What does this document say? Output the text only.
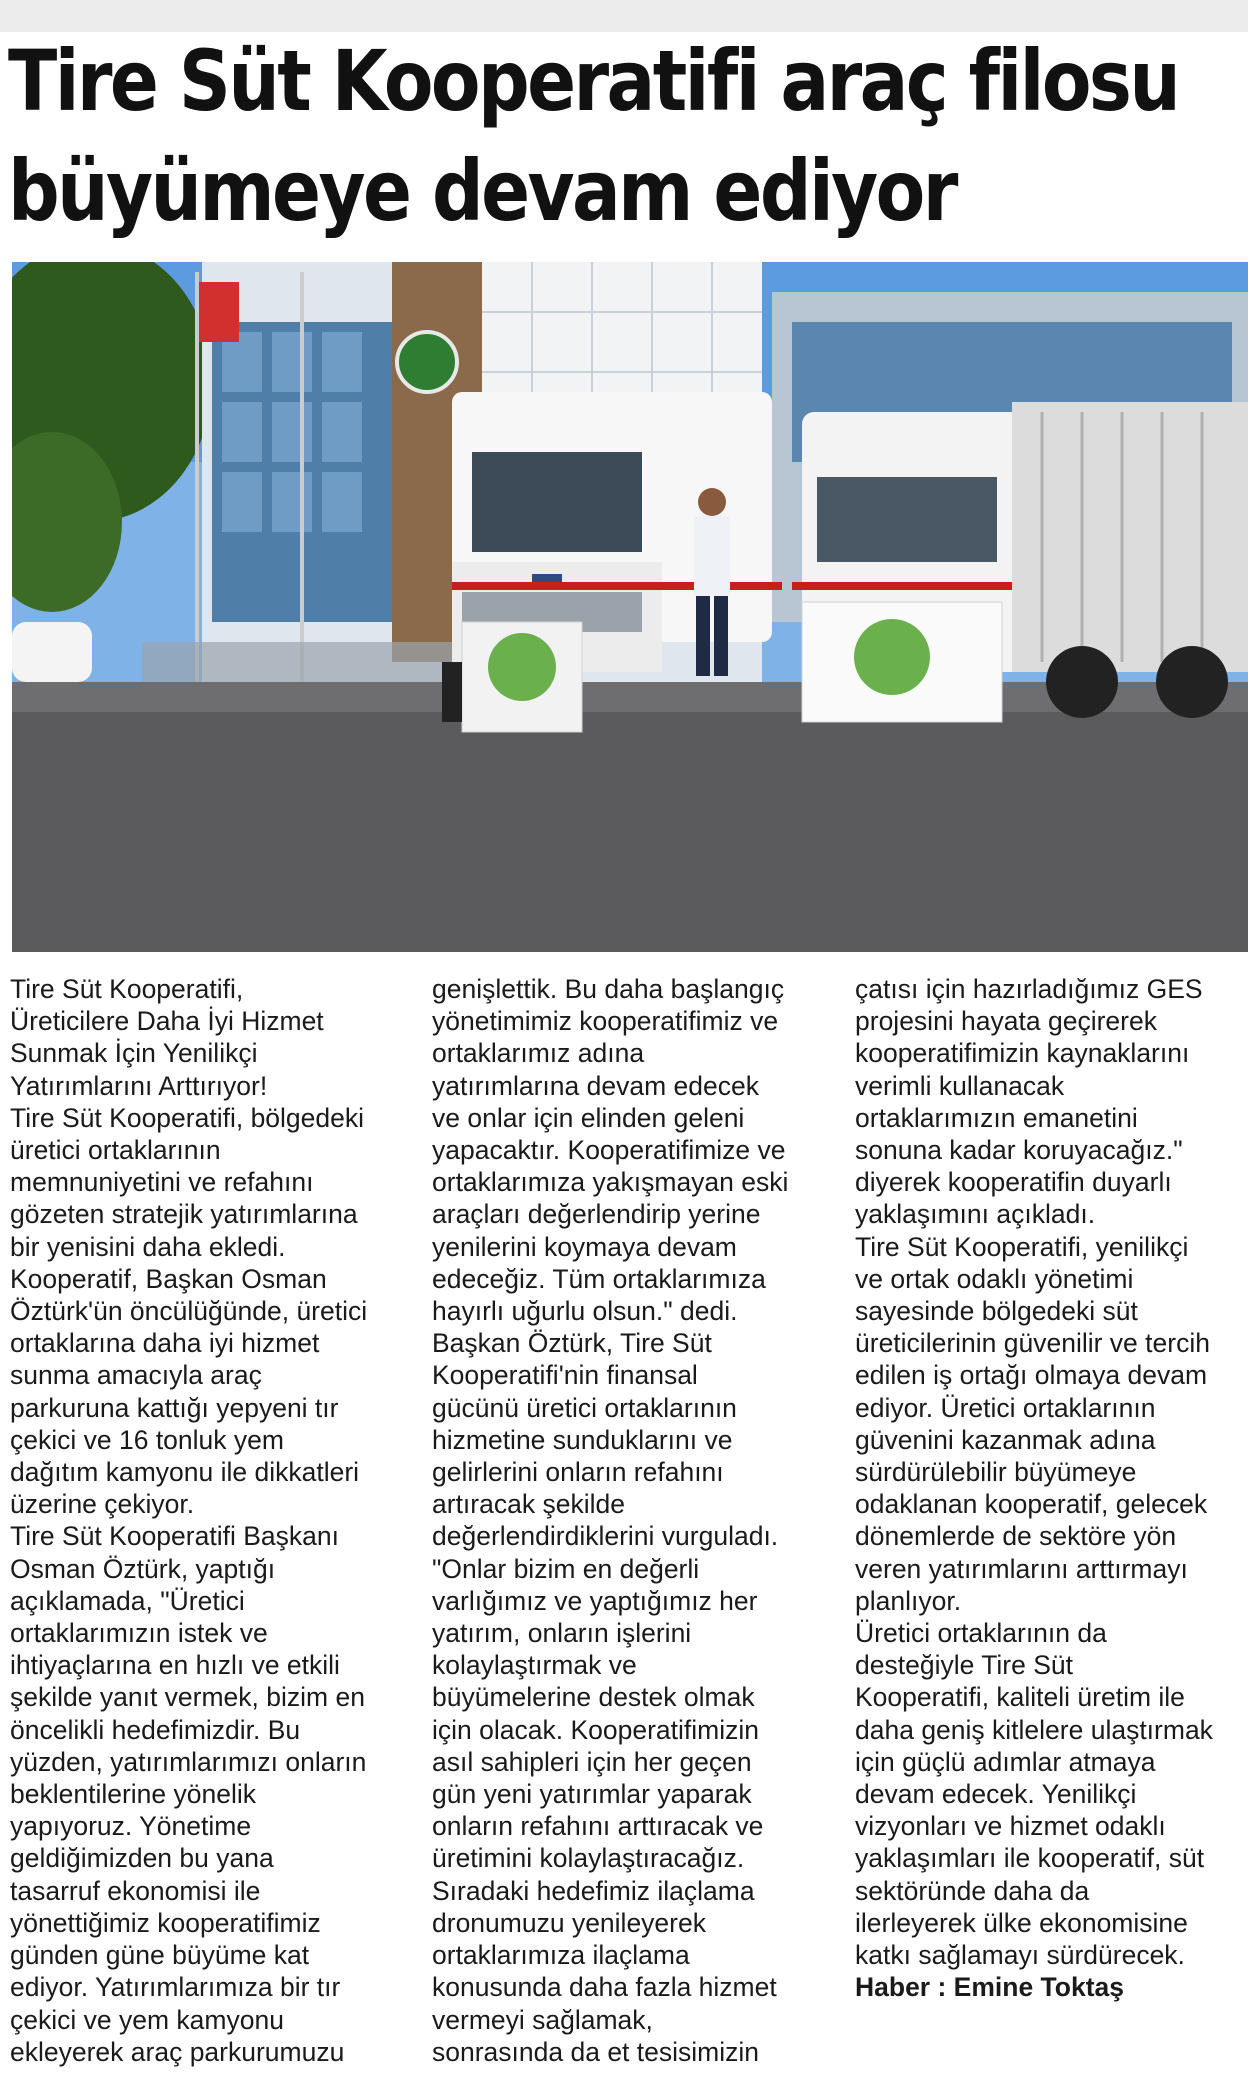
Tire Süt Kooperatifi araç filosu
büyümeye devam ediyor

Tire Süt Kooperatifi,

Üreticilere Daha İyi Hizmet

Sunmak İçin Yenilikçi

Yatırımlarını Arttırıyor!

Tire Süt Kooperatifi, bölgedeki

üretici ortaklarının

memnuniyetini ve refahını

gözeten stratejik yatırımlarına

bir yenisini daha ekledi.

Kooperatif, Başkan Osman

Öztürk'ün öncülüğünde, üretici

ortaklarına daha iyi hizmet

sunma amacıyla araç

parkuruna kattığı yepyeni tır

çekici ve 16 tonluk yem

dağıtım kamyonu ile dikkatleri

üzerine çekiyor.

Tire Süt Kooperatifi Başkanı

Osman Öztürk, yaptığı

açıklamada, "Üretici

ortaklarımızın istek ve

ihtiyaçlarına en hızlı ve etkili

şekilde yanıt vermek, bizim en

öncelikli hedefimizdir. Bu

yüzden, yatırımlarımızı onların

beklentilerine yönelik

yapıyoruz. Yönetime

geldiğimizden bu yana

tasarruf ekonomisi ile

yönettiğimiz kooperatifimiz

günden güne büyüme kat

ediyor. Yatırımlarımıza bir tır

çekici ve yem kamyonu

ekleyerek araç parkurumuzu

genişlettik. Bu daha başlangıç

yönetimimiz kooperatifimiz ve

ortaklarımız adına

yatırımlarına devam edecek

ve onlar için elinden geleni

yapacaktır. Kooperatifimize ve

ortaklarımıza yakışmayan eski

araçları değerlendirip yerine

yenilerini koymaya devam

edeceğiz. Tüm ortaklarımıza

hayırlı uğurlu olsun." dedi.

Başkan Öztürk, Tire Süt

Kooperatifi'nin finansal

gücünü üretici ortaklarının

hizmetine sunduklarını ve

gelirlerini onların refahını

artıracak şekilde

değerlendirdiklerini vurguladı.

"Onlar bizim en değerli

varlığımız ve yaptığımız her

yatırım, onların işlerini

kolaylaştırmak ve

büyümelerine destek olmak

için olacak. Kooperatifimizin

asıl sahipleri için her geçen

gün yeni yatırımlar yaparak

onların refahını arttıracak ve

üretimini kolaylaştıracağız.

Sıradaki hedefimiz ilaçlama

dronumuzu yenileyerek

ortaklarımıza ilaçlama

konusunda daha fazla hizmet

vermeyi sağlamak,

sonrasında da et tesisimizin

çatısı için hazırladığımız GES

projesini hayata geçirerek

kooperatifimizin kaynaklarını

verimli kullanacak

ortaklarımızın emanetini

sonuna kadar koruyacağız."

diyerek kooperatifin duyarlı

yaklaşımını açıkladı.

Tire Süt Kooperatifi, yenilikçi

ve ortak odaklı yönetimi

sayesinde bölgedeki süt

üreticilerinin güvenilir ve tercih

edilen iş ortağı olmaya devam

ediyor. Üretici ortaklarının

güvenini kazanmak adına

sürdürülebilir büyümeye

odaklanan kooperatif, gelecek

dönemlerde de sektöre yön

veren yatırımlarını arttırmayı

planlıyor.

Üretici ortaklarının da

desteğiyle Tire Süt

Kooperatifi, kaliteli üretim ile

daha geniş kitlelere ulaştırmak

için güçlü adımlar atmaya

devam edecek. Yenilikçi

vizyonları ve hizmet odaklı

yaklaşımları ile kooperatif, süt

sektöründe daha da

ilerleyerek ülke ekonomisine

katkı sağlamayı sürdürecek.

Haber : Emine Toktaş
